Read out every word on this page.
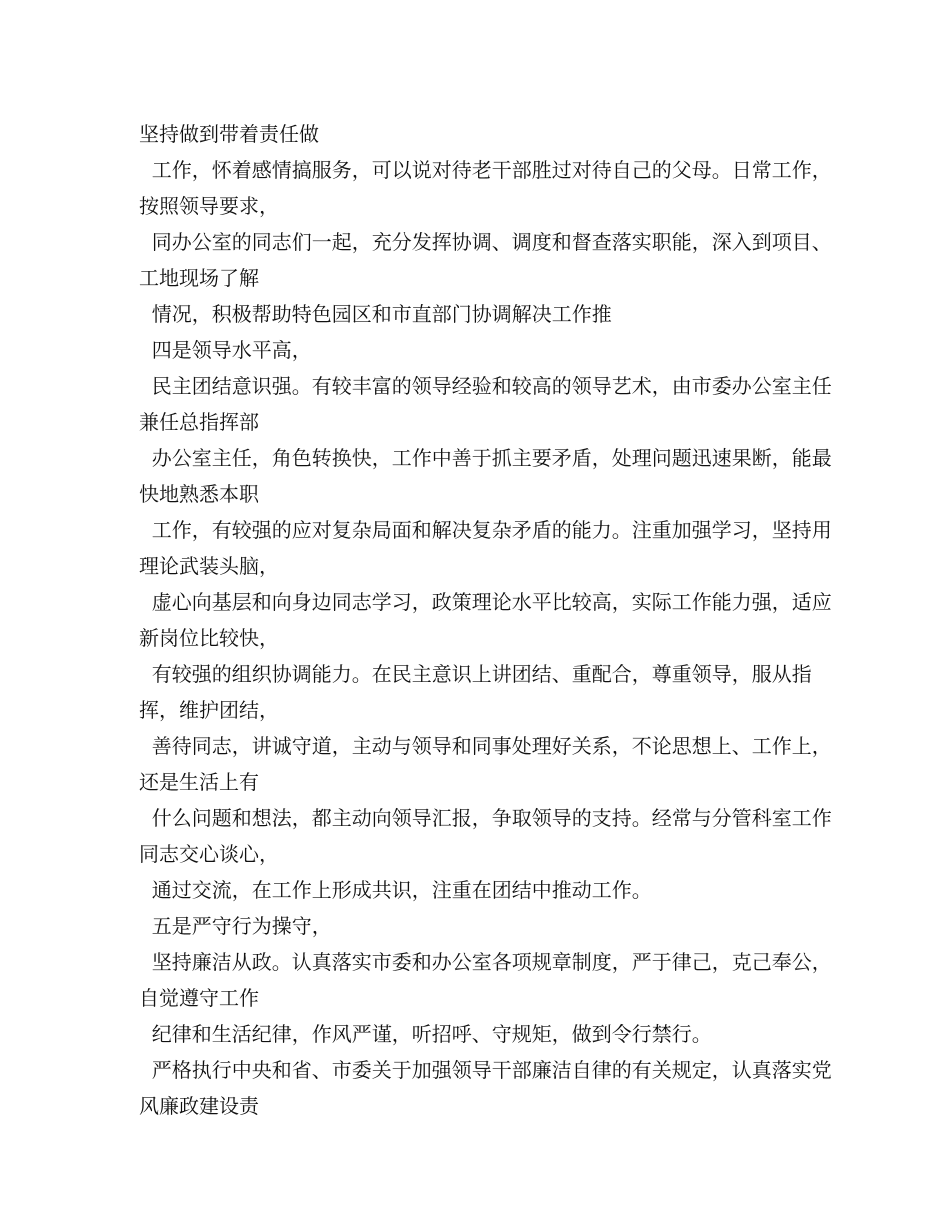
坚持做到带着责任做

工作，怀着感情搞服务，可以说对待老干部胜过对待自己的父母。日常工作，按照领导要求，

同办公室的同志们一起，充分发挥协调、调度和督查落实职能，深入到项目、工地现场了解

情况，积极帮助特色园区和市直部门协调解决工作推

四是领导水平高，

民主团结意识强。有较丰富的领导经验和较高的领导艺术，由市委办公室主任兼任总指挥部

办公室主任，角色转换快，工作中善于抓主要矛盾，处理问题迅速果断，能最快地熟悉本职

工作，有较强的应对复杂局面和解决复杂矛盾的能力。注重加强学习，坚持用理论武装头脑，

虚心向基层和向身边同志学习，政策理论水平比较高，实际工作能力强，适应新岗位比较快，

有较强的组织协调能力。在民主意识上讲团结、重配合，尊重领导，服从指挥，维护团结，

善待同志，讲诚守道，主动与领导和同事处理好关系，不论思想上、工作上，还是生活上有

什么问题和想法，都主动向领导汇报，争取领导的支持。经常与分管科室工作同志交心谈心，

通过交流，在工作上形成共识，注重在团结中推动工作。

五是严守行为操守，

坚持廉洁从政。认真落实市委和办公室各项规章制度，严于律己，克己奉公，自觉遵守工作

纪律和生活纪律，作风严谨，听招呼、守规矩，做到令行禁行。

严格执行中央和省、市委关于加强领导干部廉洁自律的有关规定，认真落实党风廉政建设责
